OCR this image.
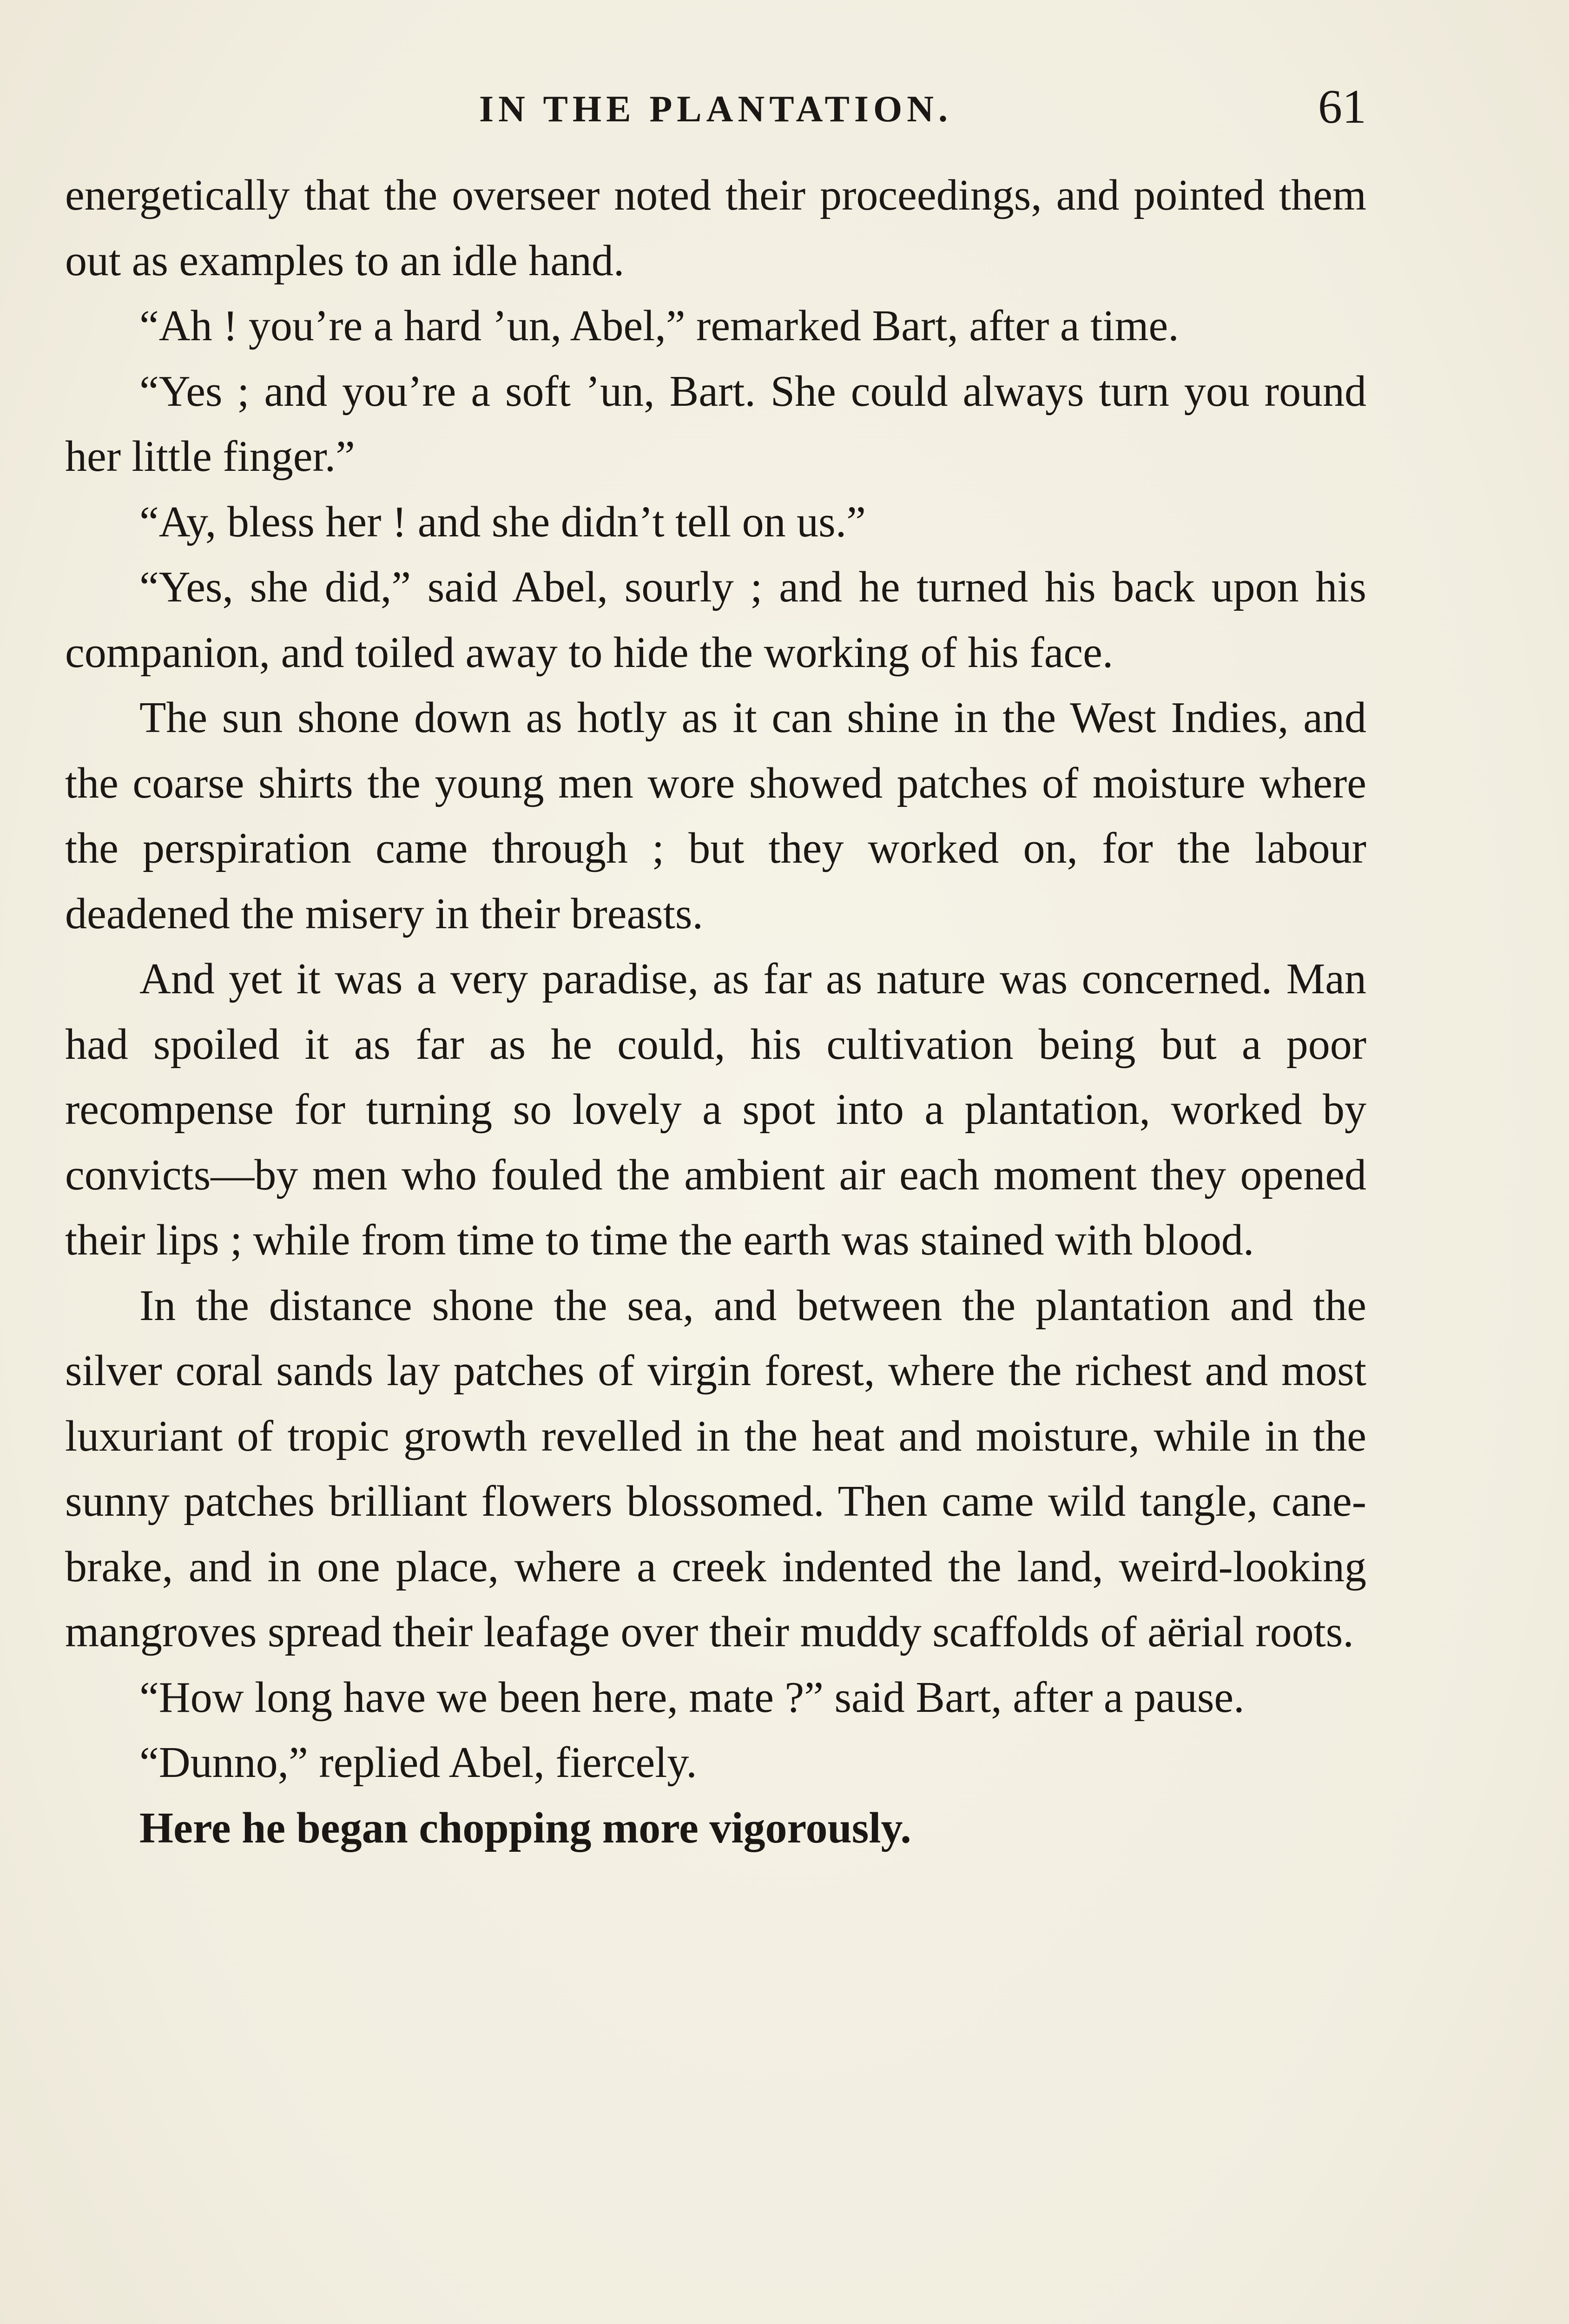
IN THE PLANTATION.	61

energetically that the overseer noted their proceedings, and pointed them out as examples to an idle hand.

“Ah ! you’re a hard ’un, Abel,” remarked Bart, after a time.

“Yes ; and you’re a soft ’un, Bart. She could always turn you round her little finger.”

“Ay, bless her ! and she didn’t tell on us.”

“Yes, she did,” said Abel, sourly ; and he turned his back upon his companion, and toiled away to hide the working of his face.

The sun shone down as hotly as it can shine in the West Indies, and the coarse shirts the young men wore showed patches of moisture where the perspiration came through ; but they worked on, for the labour deadened the misery in their breasts.

And yet it was a very paradise, as far as nature was concerned. Man had spoiled it as far as he could, his cultivation being but a poor recompense for turning so lovely a spot into a plantation, worked by convicts—by men who fouled the ambient air each moment they opened their lips ; while from time to time the earth was stained with blood.

In the distance shone the sea, and between the plantation and the silver coral sands lay patches of virgin forest, where the richest and most luxuriant of tropic growth revelled in the heat and moisture, while in the sunny patches brilliant flowers blossomed. Then came wild tangle, cane-brake, and in one place, where a creek indented the land, weird-looking mangroves spread their leafage over their muddy scaffolds of aërial roots.

“How long have we been here, mate ?” said Bart, after a pause.

“Dunno,” replied Abel, fiercely.

Here he began chopping more vigorously.
